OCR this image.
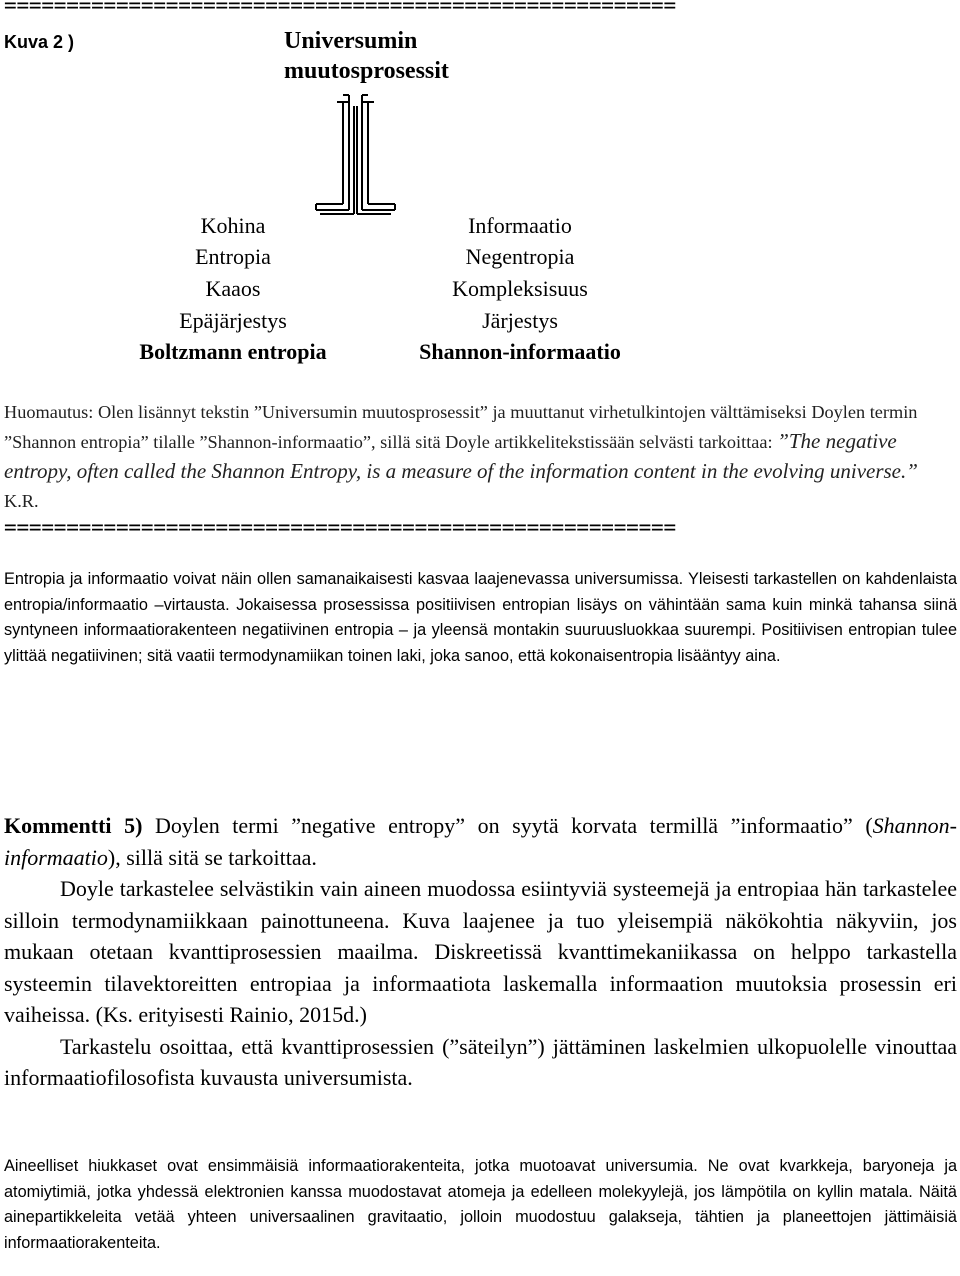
======================================================
Kuva 2 )	Universumin
muutosprosessit
Kohina
Entropia
Kaaos
Epäjärjestys
Boltzmann entropia
Informaatio
Negentropia
Kompleksisuus
Järjestys
Shannon-informaatio
Huomautus: Olen lisännyt tekstin ”Universumin muutosprosessit” ja muuttanut virhetulkintojen välttämiseksi Doylen termin ”Shannon entropia” tilalle ”Shannon-informaatio”, sillä sitä Doyle artikkelitekstissään selvästi tarkoittaa: ”The negative entropy, often called the Shannon Entropy, is a measure of the information content in the evolving universe.” K.R.
======================================================
Entropia ja informaatio voivat näin ollen samanaikaisesti kasvaa laajenevassa universumissa. Yleisesti tarkastellen on kahdenlaista entropia/informaatio –virtausta. Jokaisessa prosessissa positiivisen entropian lisäys on vähintään sama kuin minkä tahansa siinä syntyneen informaatiorakenteen negatiivinen entropia – ja yleensä montakin suuruusluokkaa suurempi. Positiivisen entropian tulee ylittää negatiivinen; sitä vaatii termodynamiikan toinen laki, joka sanoo, että kokonaisentropia lisääntyy aina.

Kommentti 5) Doylen termi ”negative entropy” on syytä korvata termillä ”informaatio” (Shannon-informaatio), sillä sitä se tarkoittaa.

Doyle tarkastelee selvästikin vain aineen muodossa esiintyviä systeemejä ja entropiaa hän tarkastelee silloin termodynamiikkaan painottuneena. Kuva laajenee ja tuo yleisempiä näkökohtia näkyviin, jos mukaan otetaan kvanttiprosessien maailma. Diskreetissä kvanttimekaniikassa on helppo tarkastella systeemin tilavektoreitten entropiaa ja informaatiota laskemalla informaation muutoksia prosessin eri vaiheissa. (Ks. erityisesti Rainio, 2015d.)

Tarkastelu osoittaa, että kvanttiprosessien (”säteilyn”) jättäminen laskelmien ulkopuolelle vinouttaa informaatiofilosofista kuvausta universumista.

Aineelliset hiukkaset ovat ensimmäisiä informaatiorakenteita, jotka muotoavat universumia. Ne ovat kvarkkeja, baryoneja ja atomiytimiä, jotka yhdessä elektronien kanssa muodostavat atomeja ja edelleen molekyylejä, jos lämpötila on kyllin matala. Näitä ainepartikkeleita vetää yhteen universaalinen gravitaatio, jolloin muodostuu galakseja, tähtien ja planeettojen jättimäisiä informaatiorakenteita.
